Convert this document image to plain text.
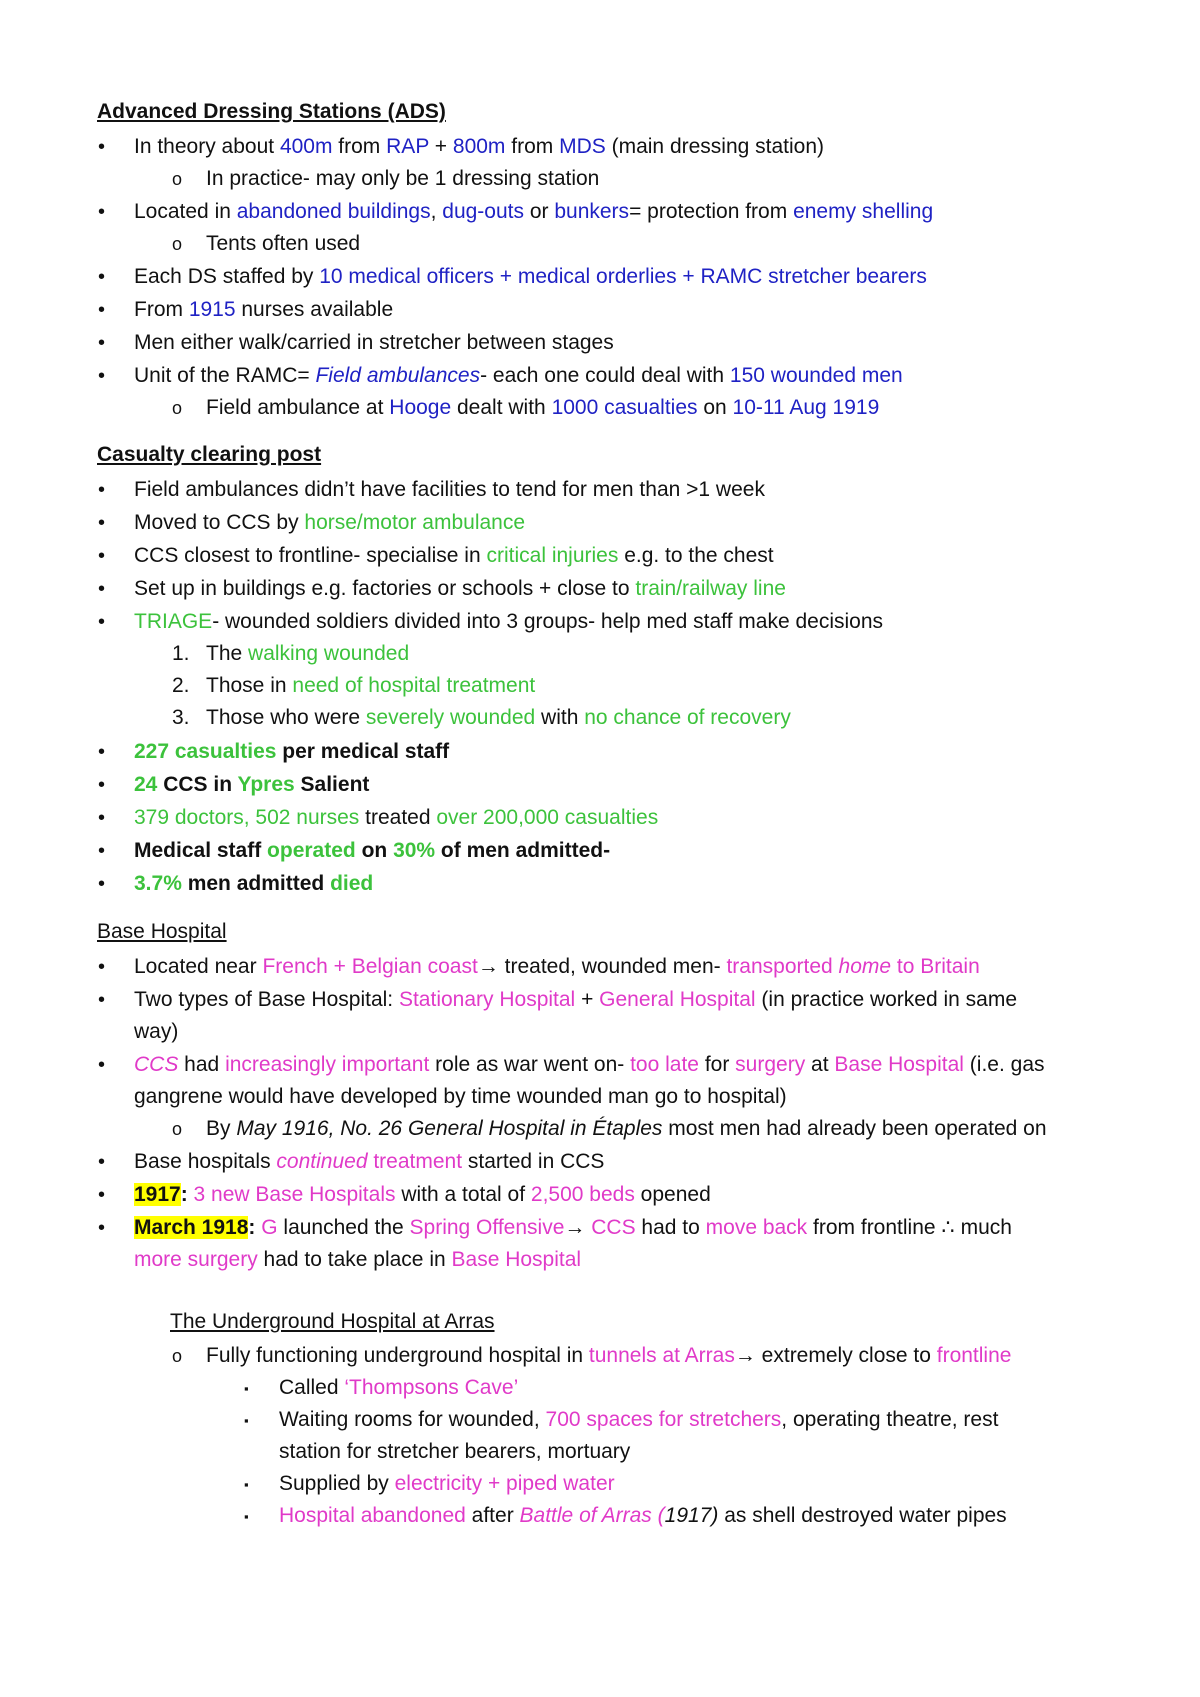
Advanced Dressing Stations (ADS)
• In theory about 400m from RAP + 800m from MDS (main dressing station)
o In practice- may only be 1 dressing station
• Located in abandoned buildings, dug-outs or bunkers= protection from enemy shelling
o Tents often used
• Each DS staffed by 10 medical officers + medical orderlies + RAMC stretcher bearers
• From 1915 nurses available
• Men either walk/carried in stretcher between stages
• Unit of the RAMC= Field ambulances- each one could deal with 150 wounded men
o Field ambulance at Hooge dealt with 1000 casualties on 10-11 Aug 1919
Casualty clearing post
• Field ambulances didn’t have facilities to tend for men than >1 week
• Moved to CCS by horse/motor ambulance
• CCS closest to frontline- specialise in critical injuries e.g. to the chest
• Set up in buildings e.g. factories or schools + close to train/railway line
• TRIAGE- wounded soldiers divided into 3 groups- help med staff make decisions
1. The walking wounded
2. Those in need of hospital treatment
3. Those who were severely wounded with no chance of recovery
• 227 casualties per medical staff
• 24 CCS in Ypres Salient
• 379 doctors, 502 nurses treated over 200,000 casualties
• Medical staff operated on 30% of men admitted-
• 3.7% men admitted died
Base Hospital
• Located near French + Belgian coast→ treated, wounded men- transported home to Britain
• Two types of Base Hospital: Stationary Hospital + General Hospital (in practice worked in same
way)
• CCS had increasingly important role as war went on- too late for surgery at Base Hospital (i.e. gas
gangrene would have developed by time wounded man go to hospital)
o By May 1916, No. 26 General Hospital in Étaples most men had already been operated on
• Base hospitals continued treatment started in CCS
• 1917: 3 new Base Hospitals with a total of 2,500 beds opened
• March 1918: G launched the Spring Offensive→ CCS had to move back from frontline ∴ much
more surgery had to take place in Base Hospital
The Underground Hospital at Arras
o Fully functioning underground hospital in tunnels at Arras→ extremely close to frontline
▪ Called ‘Thompsons Cave’
▪ Waiting rooms for wounded, 700 spaces for stretchers, operating theatre, rest
station for stretcher bearers, mortuary
▪ Supplied by electricity + piped water
▪ Hospital abandoned after Battle of Arras (1917) as shell destroyed water pipes
